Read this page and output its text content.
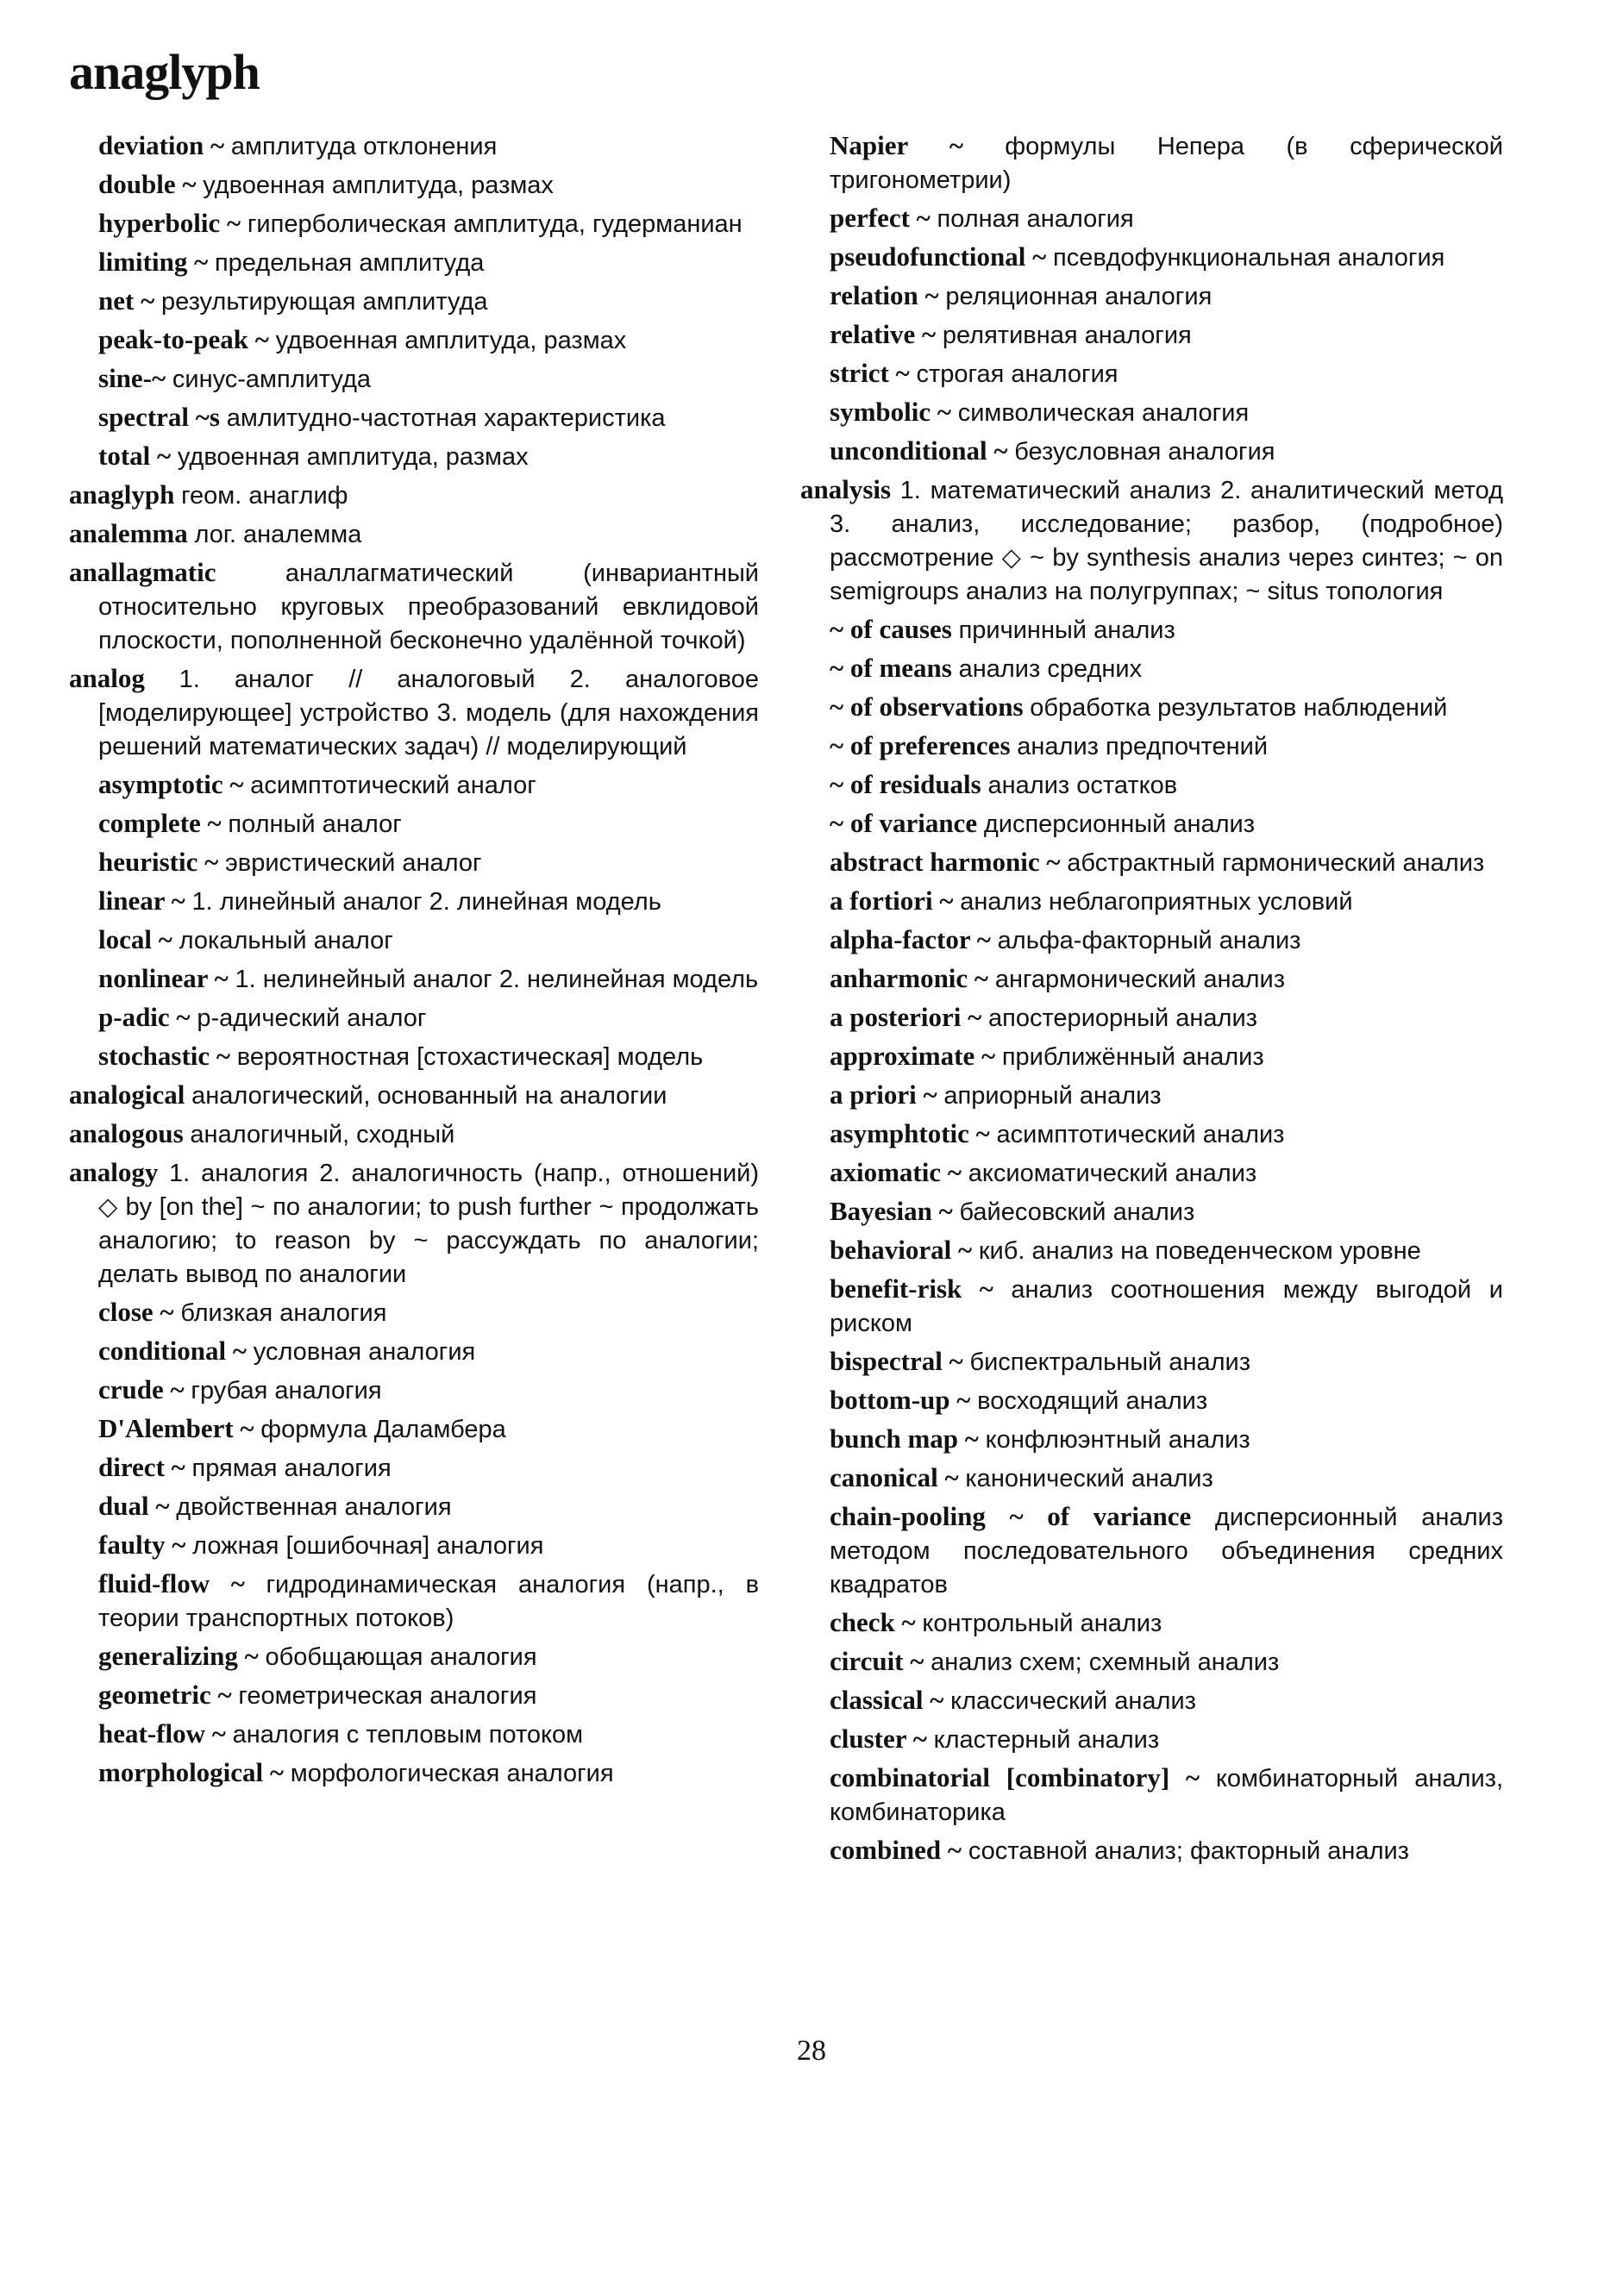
anaglyph
deviation ~ амплитуда отклонения
double ~ удвоенная амплитуда, размах
hyperbolic ~ гиперболическая амплитуда, гудерманиан
limiting ~ предельная амплитуда
net ~ результирующая амплитуда
peak-to-peak ~ удвоенная амплитуда, размах
sine-~ синус-амплитуда
spectral ~s амлитудно-частотная характеристика
total ~ удвоенная амплитуда, размах
anaglyph геом. анаглиф
analemma лог. аналемма
anallagmatic	аналлагматический (инвариантный относительно круговых преобразований евклидовой плоскости, пополненной бесконечно удалённой точкой)
analog 1. аналог // аналоговый 2. аналоговое [моделирующее] устройство 3. модель (для нахождения решений математических задач) // моделирующий
asymptotic ~ асимптотический аналог
complete ~ полный аналог
heuristic ~ эвристический аналог
linear ~ 1. линейный аналог 2. линейная модель
local ~ локальный аналог
nonlinear ~ 1. нелинейный аналог 2. нелинейная модель
p-adic ~ p-адический аналог
stochastic ~ вероятностная [стохастическая] модель
analogical аналогический, основанный на аналогии
analogous аналогичный, сходный
analogy 1. аналогия 2. аналогичность (напр., отношений) ◇ by [on the] ~ по аналогии; to push further ~ продолжать аналогию; to reason by ~ рассуждать по аналогии; делать вывод по аналогии
close ~ близкая аналогия
conditional ~ условная аналогия
crude ~ грубая аналогия
D'Alembert ~ формула Даламбера
direct ~ прямая аналогия
dual ~ двойственная аналогия
faulty ~ ложная [ошибочная] аналогия
fluid-flow ~ гидродинамическая аналогия (напр., в теории транспортных потоков)
generalizing ~ обобщающая аналогия
geometric ~ геометрическая аналогия
heat-flow ~ аналогия с тепловым потоком
morphological ~ морфологическая аналогия
Napier ~ формулы Непера (в сферической тригонометрии)
perfect ~ полная аналогия
pseudofunctional ~ псевдофункциональная аналогия
relation ~ реляционная аналогия
relative ~ релятивная аналогия
strict ~ строгая аналогия
symbolic ~ символическая аналогия
unconditional ~ безусловная аналогия
analysis 1. математический анализ 2. аналитический метод 3. анализ, исследование; разбор, (подробное) рассмотрение ◇ ~ by synthesis анализ через синтез; ~ on semigroups анализ на полугруппах; ~ situs топология
~ of causes причинный анализ
~ of means анализ средних
~ of observations обработка результатов наблюдений
~ of preferences анализ предпочтений
~ of residuals анализ остатков
~ of variance дисперсионный анализ
abstract harmonic ~ абстрактный гармонический анализ
a fortiori ~ анализ неблагоприятных условий
alpha-factor ~ альфа-факторный анализ
anharmonic ~ ангармонический анализ
a posteriori ~ апостериорный анализ
approximate ~ приближённый анализ
a priori ~ априорный анализ
asymphtotic ~ асимптотический анализ
axiomatic ~ аксиоматический анализ
Bayesian ~ байесовский анализ
behavioral ~ киб. анализ на поведенческом уровне
benefit-risk ~ анализ соотношения между выгодой и риском
bispectral ~ биспектральный анализ
bottom-up ~ восходящий анализ
bunch map ~ конфлюэнтный анализ
canonical ~ канонический анализ
chain-pooling ~ of variance дисперсионный анализ методом последовательного объединения средних квадратов
check ~ контрольный анализ
circuit ~ анализ схем; схемный анализ
classical ~ классический анализ
cluster ~ кластерный анализ
combinatorial [combinatory] ~ комбинаторный анализ, комбинаторика
combined ~ составной анализ; факторный анализ
28
